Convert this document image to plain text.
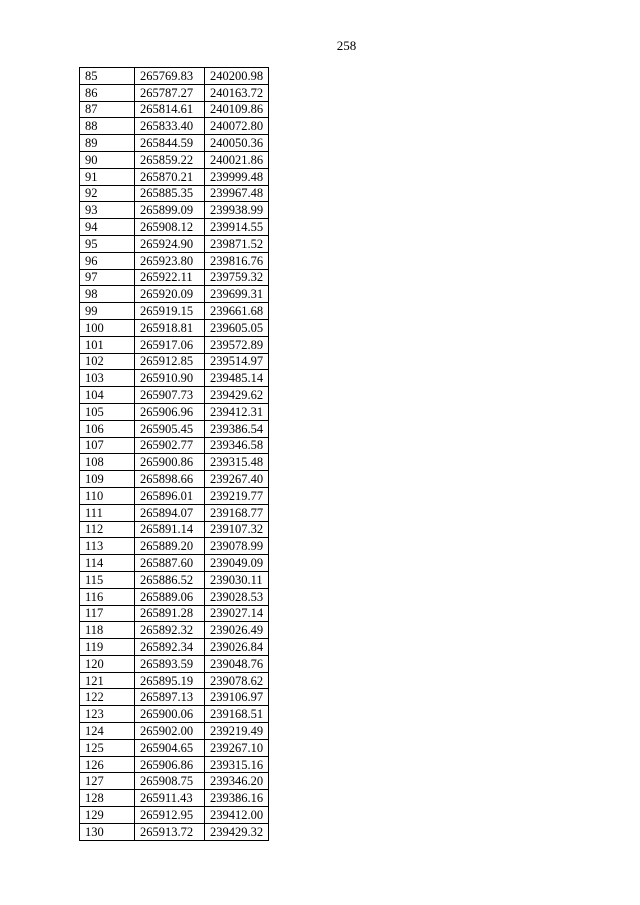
258
85	265769.83	240200.98
86	265787.27	240163.72
87	265814.61	240109.86
88	265833.40	240072.80
89	265844.59	240050.36
90	265859.22	240021.86
91	265870.21	239999.48
92	265885.35	239967.48
93	265899.09	239938.99
94	265908.12	239914.55
95	265924.90	239871.52
96	265923.80	239816.76
97	265922.11	239759.32
98	265920.09	239699.31
99	265919.15	239661.68
100	265918.81	239605.05
101	265917.06	239572.89
102	265912.85	239514.97
103	265910.90	239485.14
104	265907.73	239429.62
105	265906.96	239412.31
106	265905.45	239386.54
107	265902.77	239346.58
108	265900.86	239315.48
109	265898.66	239267.40
110	265896.01	239219.77
111	265894.07	239168.77
112	265891.14	239107.32
113	265889.20	239078.99
114	265887.60	239049.09
115	265886.52	239030.11
116	265889.06	239028.53
117	265891.28	239027.14
118	265892.32	239026.49
119	265892.34	239026.84
120	265893.59	239048.76
121	265895.19	239078.62
122	265897.13	239106.97
123	265900.06	239168.51
124	265902.00	239219.49
125	265904.65	239267.10
126	265906.86	239315.16
127	265908.75	239346.20
128	265911.43	239386.16
129	265912.95	239412.00
130	265913.72	239429.32
